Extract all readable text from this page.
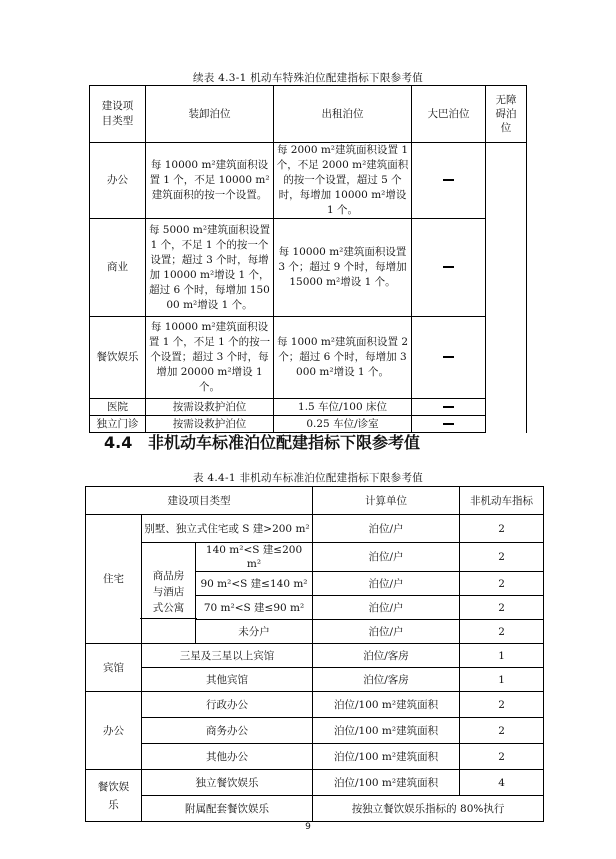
续表 4.3-1 机动车特殊泊位配建指标下限参考值
建设项目类型	装卸泊位	出租泊位	大巴泊位	无障碍泊位
办公	每 10000 m²建筑面积设置 1 个，不足 10000 m²建筑面积的按一个设置。	每 2000 m²建筑面积设置 1 个，不足 2000 m²建筑面积的按一个设置，超过 5 个时，每增加 10000 m²增设 1 个。		
商业	每 5000 m²建筑面积设置 1 个，不足 1 个的按一个设置；超过 3 个时，每增加 10000 m²增设 1 个，超过 6 个时，每增加 15000 m²增设 1 个。	每 10000 m²建筑面积设置 3 个；超过 9 个时，每增加 15000 m²增设 1 个。		
餐饮娱乐	每 10000 m²建筑面积设置 1 个，不足 1 个的按一个设置；超过 3 个时，每增加 20000 m²增设 1 个。	每 1000 m²建筑面积设置 2 个；超过 6 个时，每增加 3000 m²增设 1 个。		
医院	按需设救护泊位	1.5 车位/100 床位		
独立门诊	按需设救护泊位	0.25 车位/诊室		
4.4 非机动车标准泊位配建指标下限参考值
表 4.4-1 非机动车标准泊位配建指标下限参考值
建设项目类型			计算单位	非机动车指标
住宅	别墅、独立式住宅或 S 建>200 m²		泊位/户	2

	商品房与酒店式公寓	140 m²<S 建≤200 m²	泊位/户	2
		90 m²<S 建≤140 m²	泊位/户	2
		70 m²<S 建≤90 m²	泊位/户	2
		未分户	泊位/户	2
宾馆	三星及三星以上宾馆		泊位/客房	1
	其他宾馆		泊位/客房	1
办公	行政办公		泊位/100 m²建筑面积	2
	商务办公		泊位/100 m²建筑面积	2
	其他办公		泊位/100 m²建筑面积	2
餐饮娱乐	独立餐饮娱乐		泊位/100 m²建筑面积	4
	附属配套餐饮娱乐		按独立餐饮娱乐指标的 80%执行	
9
